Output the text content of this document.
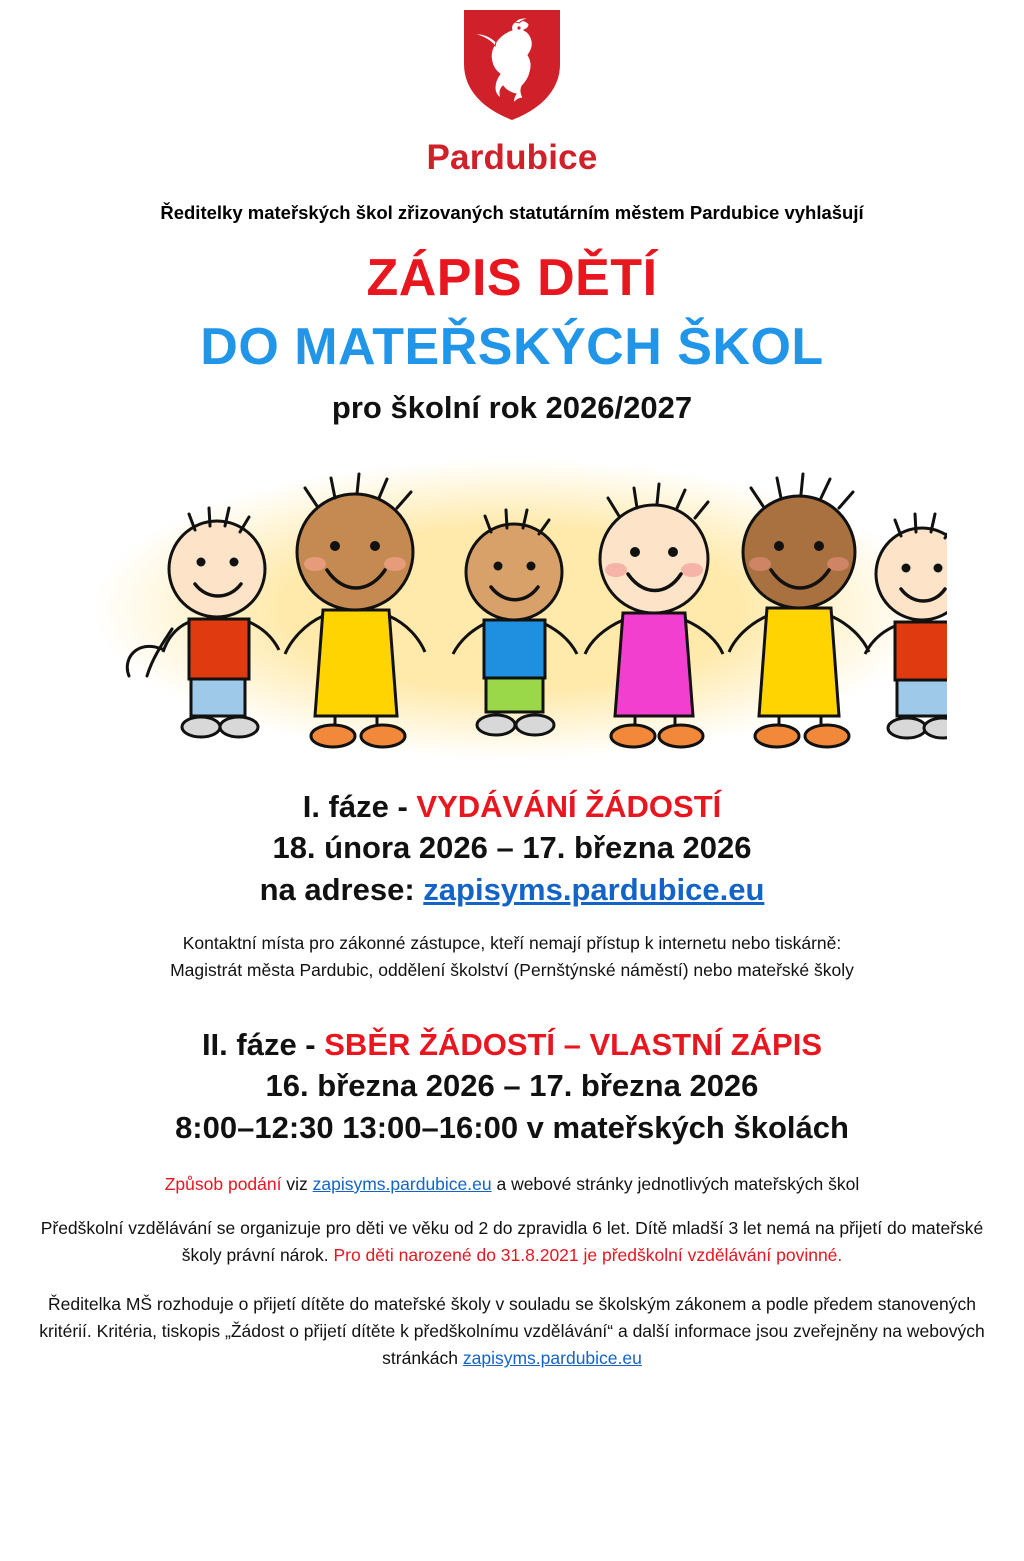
Pardubice
Ředitelky mateřských škol zřizovaných statutárním městem Pardubice vyhlašují
ZÁPIS DĚTÍ
DO MATEŘSKÝCH ŠKOL
pro školní rok 2026/2027
I. fáze - VYDÁVÁNÍ ŽÁDOSTÍ
18. února 2026 – 17. března 2026
na adrese: zapisyms.pardubice.eu
Kontaktní místa pro zákonné zástupce, kteří nemají přístup k internetu nebo tiskárně:
Magistrát města Pardubic, oddělení školství (Pernštýnské náměstí) nebo mateřské školy
II. fáze - SBĚR ŽÁDOSTÍ – VLASTNÍ ZÁPIS
16. března 2026 – 17. března 2026
8:00–12:30 13:00–16:00 v mateřských školách
Způsob podání viz zapisyms.pardubice.eu a webové stránky jednotlivých mateřských škol
Předškolní vzdělávání se organizuje pro děti ve věku od 2 do zpravidla 6 let. Dítě mladší 3 let nemá na přijetí do mateřské školy právní nárok. Pro děti narozené do 31.8.2021 je předškolní vzdělávání povinné.
Ředitelka MŠ rozhoduje o přijetí dítěte do mateřské školy v souladu se školským zákonem a podle předem stanovených kritérií. Kritéria, tiskopis „Žádost o přijetí dítěte k předškolnímu vzdělávání“ a další informace jsou zveřejněny na webových stránkách zapisyms.pardubice.eu
